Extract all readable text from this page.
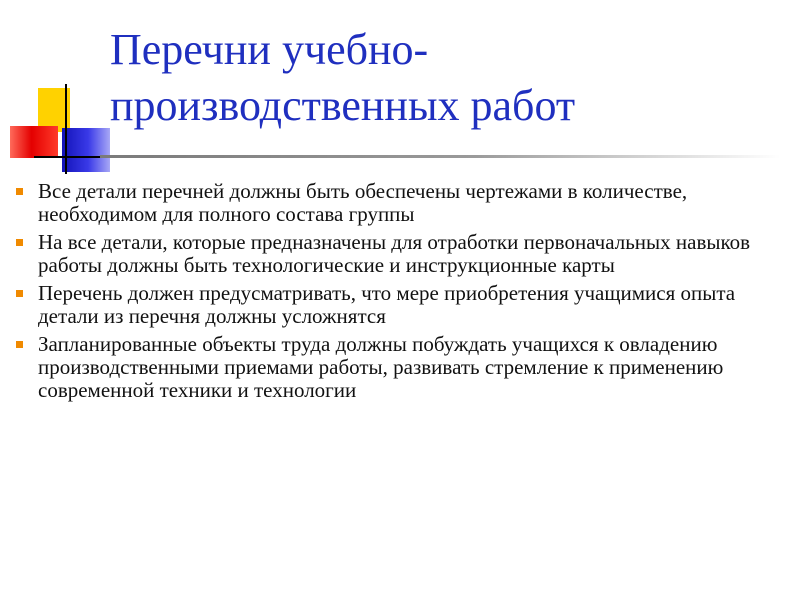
Перечни учебно-
производственных работ
Все детали перечней должны быть обеспечены чертежами в количестве, необходимом для полного состава группы
На все детали, которые предназначены для отработки первоначальных навыков работы должны быть технологические и инструкционные карты
Перечень должен предусматривать, что мере приобретения учащимися опыта детали из перечня должны усложнятся
Запланированные объекты труда должны побуждать учащихся к овладению производственными приемами работы, развивать стремление к применению современной техники и технологии
